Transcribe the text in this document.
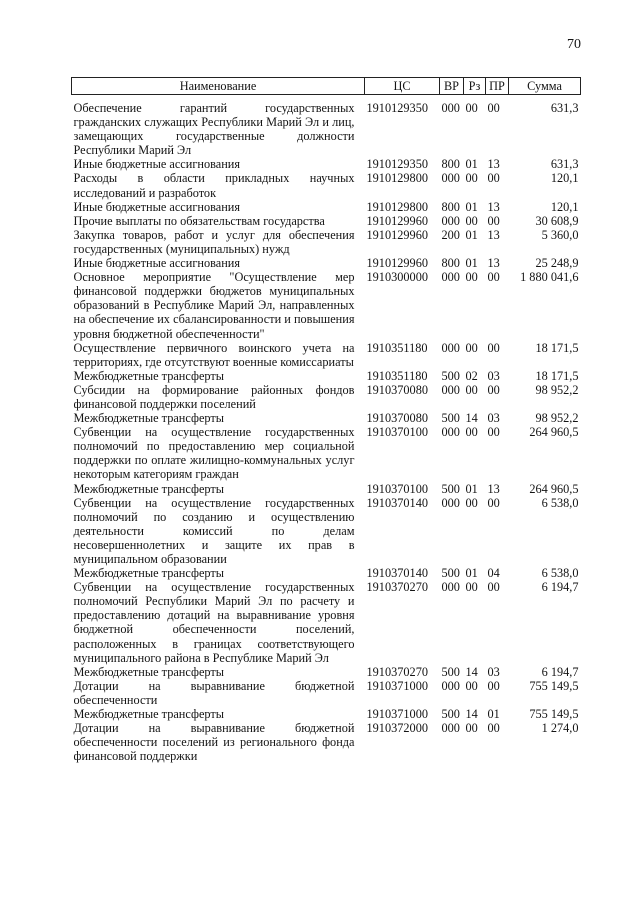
70
Наименование	ЦС	ВР	Рз	ПР	Сумма
Обеспечение гарантий государственных гражданских служащих Республики Марий Эл и лиц, замещающих государственные должности Республики Марий Эл	1910129350	000	00	00	631,3
Иные бюджетные ассигнования	1910129350	800	01	13	631,3
Расходы в области прикладных научных исследований и разработок	1910129800	000	00	00	120,1
Иные бюджетные ассигнования	1910129800	800	01	13	120,1
Прочие выплаты по обязательствам государства	1910129960	000	00	00	30 608,9
Закупка товаров, работ и услуг для обеспечения государственных (муниципальных) нужд	1910129960	200	01	13	5 360,0
Иные бюджетные ассигнования	1910129960	800	01	13	25 248,9
Основное мероприятие "Осуществление мер финансовой поддержки бюджетов муниципальных образований в Республике Марий Эл, направленных на обеспечение их сбалансированности и повышения уровня бюджетной обеспеченности"	1910300000	000	00	00	1 880 041,6
Осуществление первичного воинского учета на территориях, где отсутствуют военные комиссариаты	1910351180	000	00	00	18 171,5
Межбюджетные трансферты	1910351180	500	02	03	18 171,5
Субсидии на формирование районных фондов финансовой поддержки поселений	1910370080	000	00	00	98 952,2
Межбюджетные трансферты	1910370080	500	14	03	98 952,2
Субвенции на осуществление государственных полномочий по предоставлению мер социальной поддержки по оплате жилищно-коммунальных услуг некоторым категориям граждан	1910370100	000	00	00	264 960,5
Межбюджетные трансферты	1910370100	500	01	13	264 960,5
Субвенции на осуществление государственных полномочий по созданию и осуществлению деятельности комиссий по делам несовершеннолетних и защите их прав в муниципальном образовании	1910370140	000	00	00	6 538,0
Межбюджетные трансферты	1910370140	500	01	04	6 538,0
Субвенции на осуществление государственных полномочий Республики Марий Эл по расчету и предоставлению дотаций на выравнивание уровня бюджетной обеспеченности поселений, расположенных в границах соответствующего муниципального района в Республике Марий Эл	1910370270	000	00	00	6 194,7
Межбюджетные трансферты	1910370270	500	14	03	6 194,7
Дотации на выравнивание бюджетной обеспеченности	1910371000	000	00	00	755 149,5
Межбюджетные трансферты	1910371000	500	14	01	755 149,5
Дотации на выравнивание бюджетной обеспеченности поселений из регионального фонда финансовой поддержки	1910372000	000	00	00	1 274,0
